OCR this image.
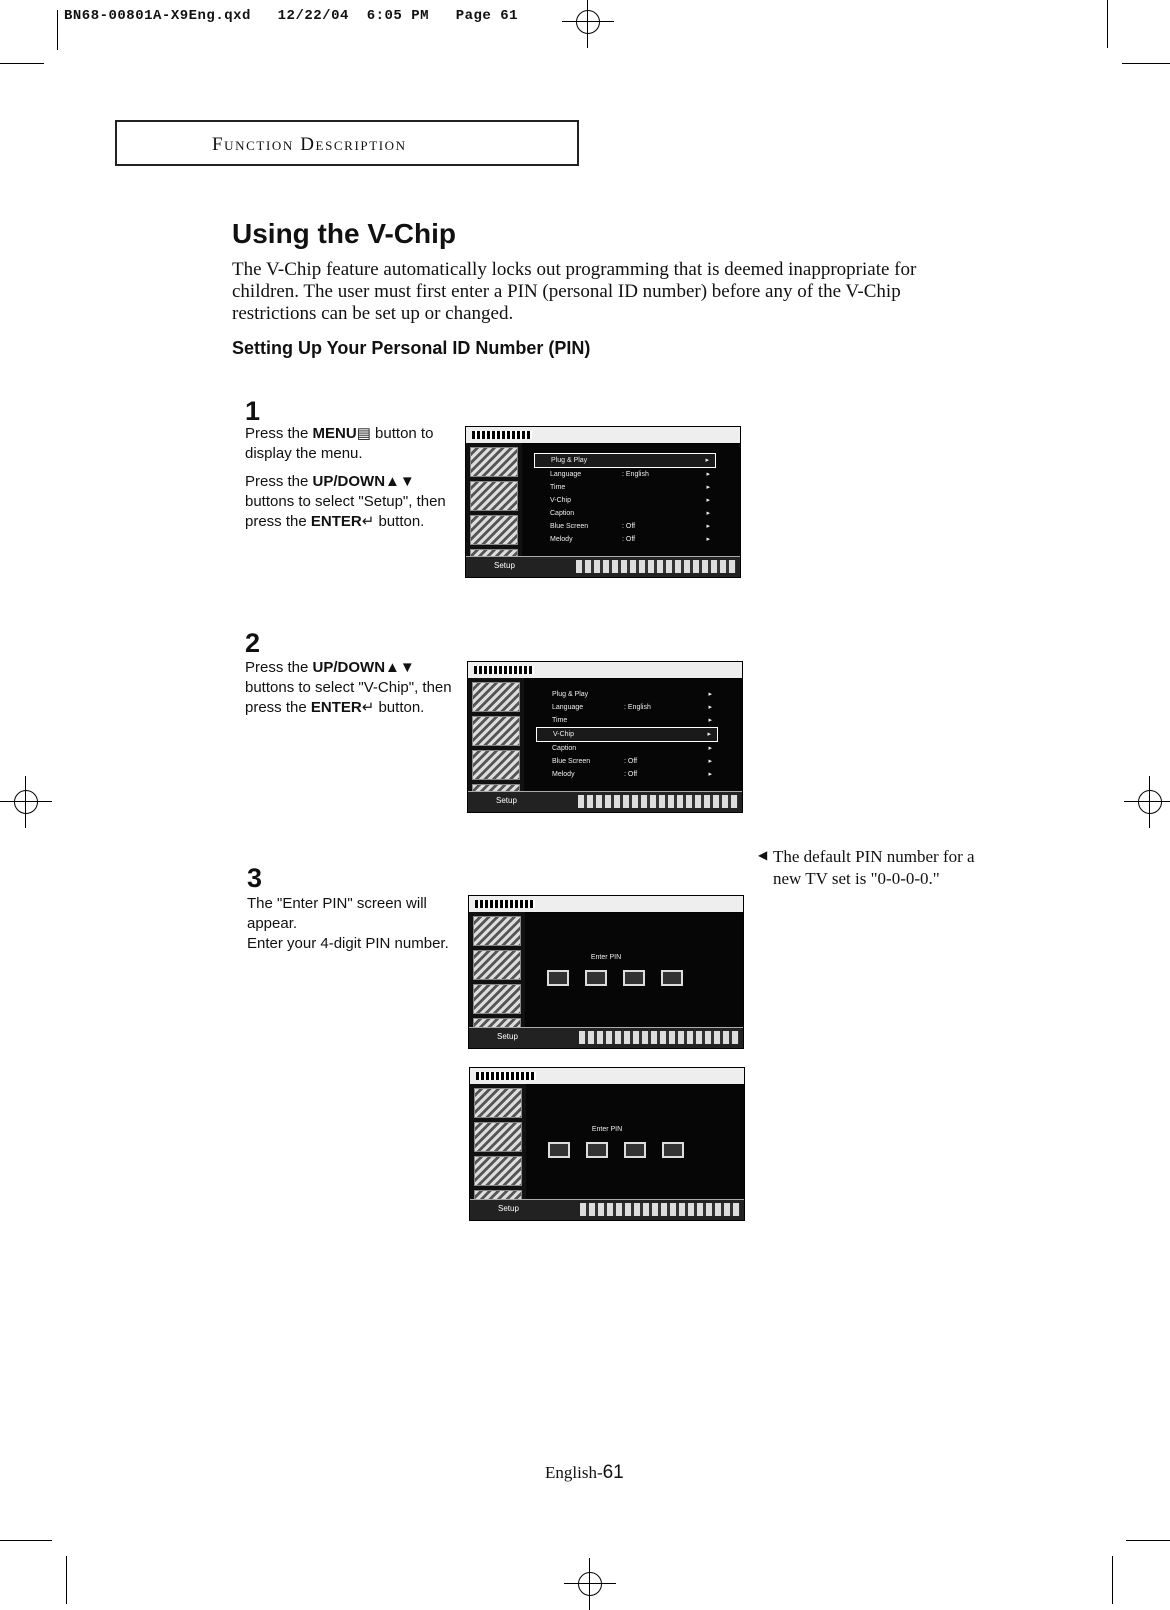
BN68-00801A-X9Eng.qxd 12/22/04 6:05 PM Page 61
Function Description
Using the V-Chip
The V-Chip feature automatically locks out programming that is deemed inappropriate for children. The user must first enter a PIN (personal ID number) before any of the V-Chip restrictions can be set up or changed.
Setting Up Your Personal ID Number (PIN)
1

Press the MENU▤ button to display the menu.

Press the UP/DOWN▲▼ buttons to select "Setup", then press the ENTER↵ button.

2

Press the UP/DOWN▲▼ buttons to select "V-Chip", then press the ENTER↵ button.

3

The "Enter PIN" screen will appear.

Enter your 4-digit PIN number.

◀ The default PIN number for a new TV set is "0-0-0-0."
Plug & Play	▸
Language	: English	▸
Time	▸
V-Chip	▸
Caption	▸
Blue Screen	: Off	▸
Melody	: Off	▸
Setup
Plug & Play	▸
Language	: English	▸
Time	▸
V-Chip	▸
Caption	▸
Blue Screen	: Off	▸
Melody	: Off	▸
Setup
Enter PIN
Setup
Enter PIN
Setup
English-61
